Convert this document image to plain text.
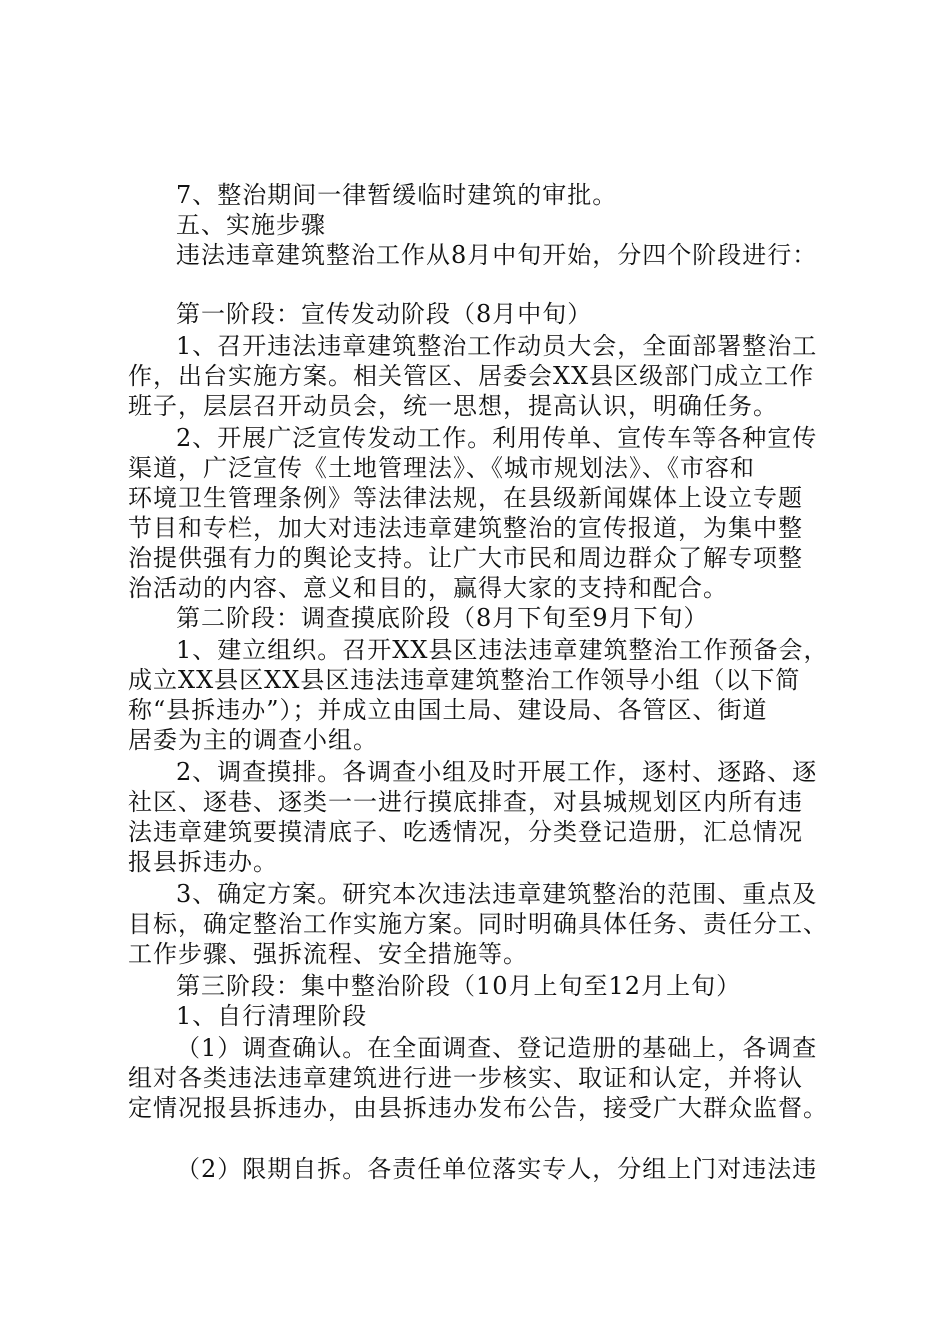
7、整治期间一律暂缓临时建筑的审批。

五、实施步骤

违法违章建筑整治工作从8月中旬开始，分四个阶段进行：

第一阶段：宣传发动阶段（8月中旬）

1、召开违法违章建筑整治工作动员大会，全面部署整治工

作，出台实施方案。相关管区、居委会XX县区级部门成立工作

班子，层层召开动员会，统一思想，提高认识，明确任务。

2、开展广泛宣传发动工作。利用传单、宣传车等各种宣传

渠道，广泛宣传《土地管理法》、《城市规划法》、《市容和

环境卫生管理条例》等法律法规，在县级新闻媒体上设立专题

节目和专栏，加大对违法违章建筑整治的宣传报道，为集中整

治提供强有力的舆论支持。让广大市民和周边群众了解专项整

治活动的内容、意义和目的，赢得大家的支持和配合。

第二阶段：调查摸底阶段（8月下旬至9月下旬）

1、建立组织。召开XX县区违法违章建筑整治工作预备会，

成立XX县区XX县区违法违章建筑整治工作领导小组（以下简

称“县拆违办”）；并成立由国土局、建设局、各管区、街道

居委为主的调查小组。

2、调查摸排。各调查小组及时开展工作，逐村、逐路、逐

社区、逐巷、逐类一一进行摸底排查，对县城规划区内所有违

法违章建筑要摸清底子、吃透情况，分类登记造册，汇总情况

报县拆违办。

3、确定方案。研究本次违法违章建筑整治的范围、重点及

目标，确定整治工作实施方案。同时明确具体任务、责任分工、

工作步骤、强拆流程、安全措施等。

第三阶段：集中整治阶段（10月上旬至12月上旬）

1、自行清理阶段

（1）调查确认。在全面调查、登记造册的基础上，各调查

组对各类违法违章建筑进行进一步核实、取证和认定，并将认

定情况报县拆违办，由县拆违办发布公告，接受广大群众监督。

（2）限期自拆。各责任单位落实专人，分组上门对违法违
